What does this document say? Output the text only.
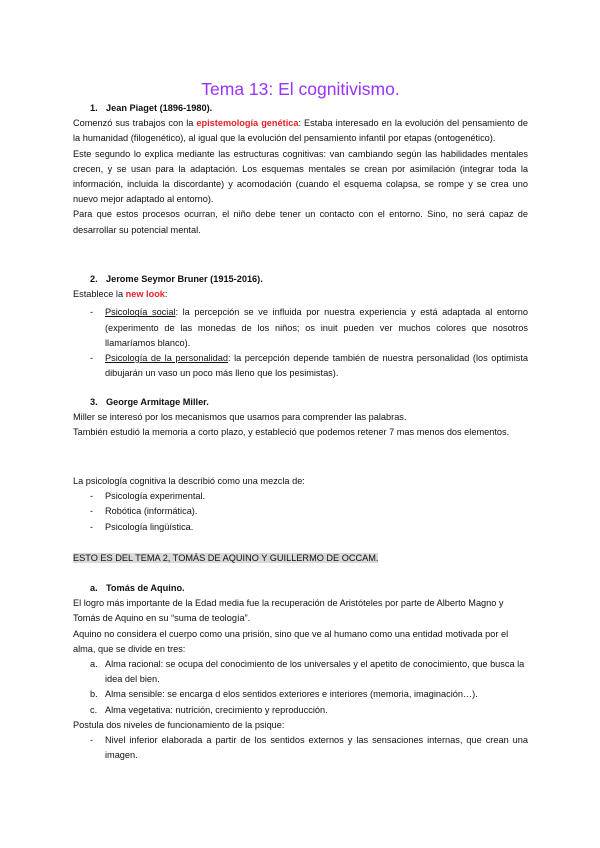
Tema 13: El cognitivismo.

1. Jean Piaget (1896-1980).

Comenzó sus trabajos con la epistemología genética: Estaba interesado en la evolución del pensamiento de la humanidad (filogenético), al igual que la evolución del pensamiento infantil por etapas (ontogenético).

Este segundo lo explica mediante las estructuras cognitivas: van cambiando según las habilidades mentales crecen, y se usan para la adaptación. Los esquemas mentales se crean por asimilación (integrar toda la información, incluida la discordante) y acomodación (cuando el esquema colapsa, se rompe y se crea uno nuevo mejor adaptado al entorno).

Para que estos procesos ocurran, el niño debe tener un contacto con el entorno. Sino, no será capaz de desarrollar su potencial mental.

2. Jerome Seymor Bruner (1915-2016).

Establece la new look:

- Psicología social: la percepción se ve influida por nuestra experiencia y está adaptada al entorno (experimento de las monedas de los niños; os inuit pueden ver muchos colores que nosotros llamaríamos blanco).
- Psicología de la personalidad: la percepción depende también de nuestra personalidad (los optimista dibujarán un vaso un poco más lleno que los pesimistas).

3. George Armitage Miller.

Miller se interesó por los mecanismos que usamos para comprender las palabras.

También estudió la memoria a corto plazo, y estableció que podemos retener 7 mas menos dos elementos.

La psicología cognitiva la describió como una mezcla de:

- Psicología experimental.
- Robótica (informática).
- Psicología lingüística.

ESTO ES DEL TEMA 2, TOMÁS DE AQUINO Y GUILLERMO DE OCCAM.

a. Tomás de Aquino.

El logro más importante de la Edad media fue la recuperación de Aristóteles por parte de Alberto Magno y Tomás de Aquino en su “suma de teología”.

Aquino no considera el cuerpo como una prisión, sino que ve al humano como una entidad motivada por el alma, que se divide en tres:

a. Alma racional: se ocupa del conocimiento de los universales y el apetito de conocimiento, que busca la idea del bien.
b. Alma sensible: se encarga d elos sentidos exteriores e interiores (memoria, imaginación…).
c. Alma vegetativa: nutrición, crecimiento y reproducción.

Postula dos niveles de funcionamiento de la psique:

- Nivel inferior elaborada a partir de los sentidos externos y las sensaciones internas, que crean una imagen.
